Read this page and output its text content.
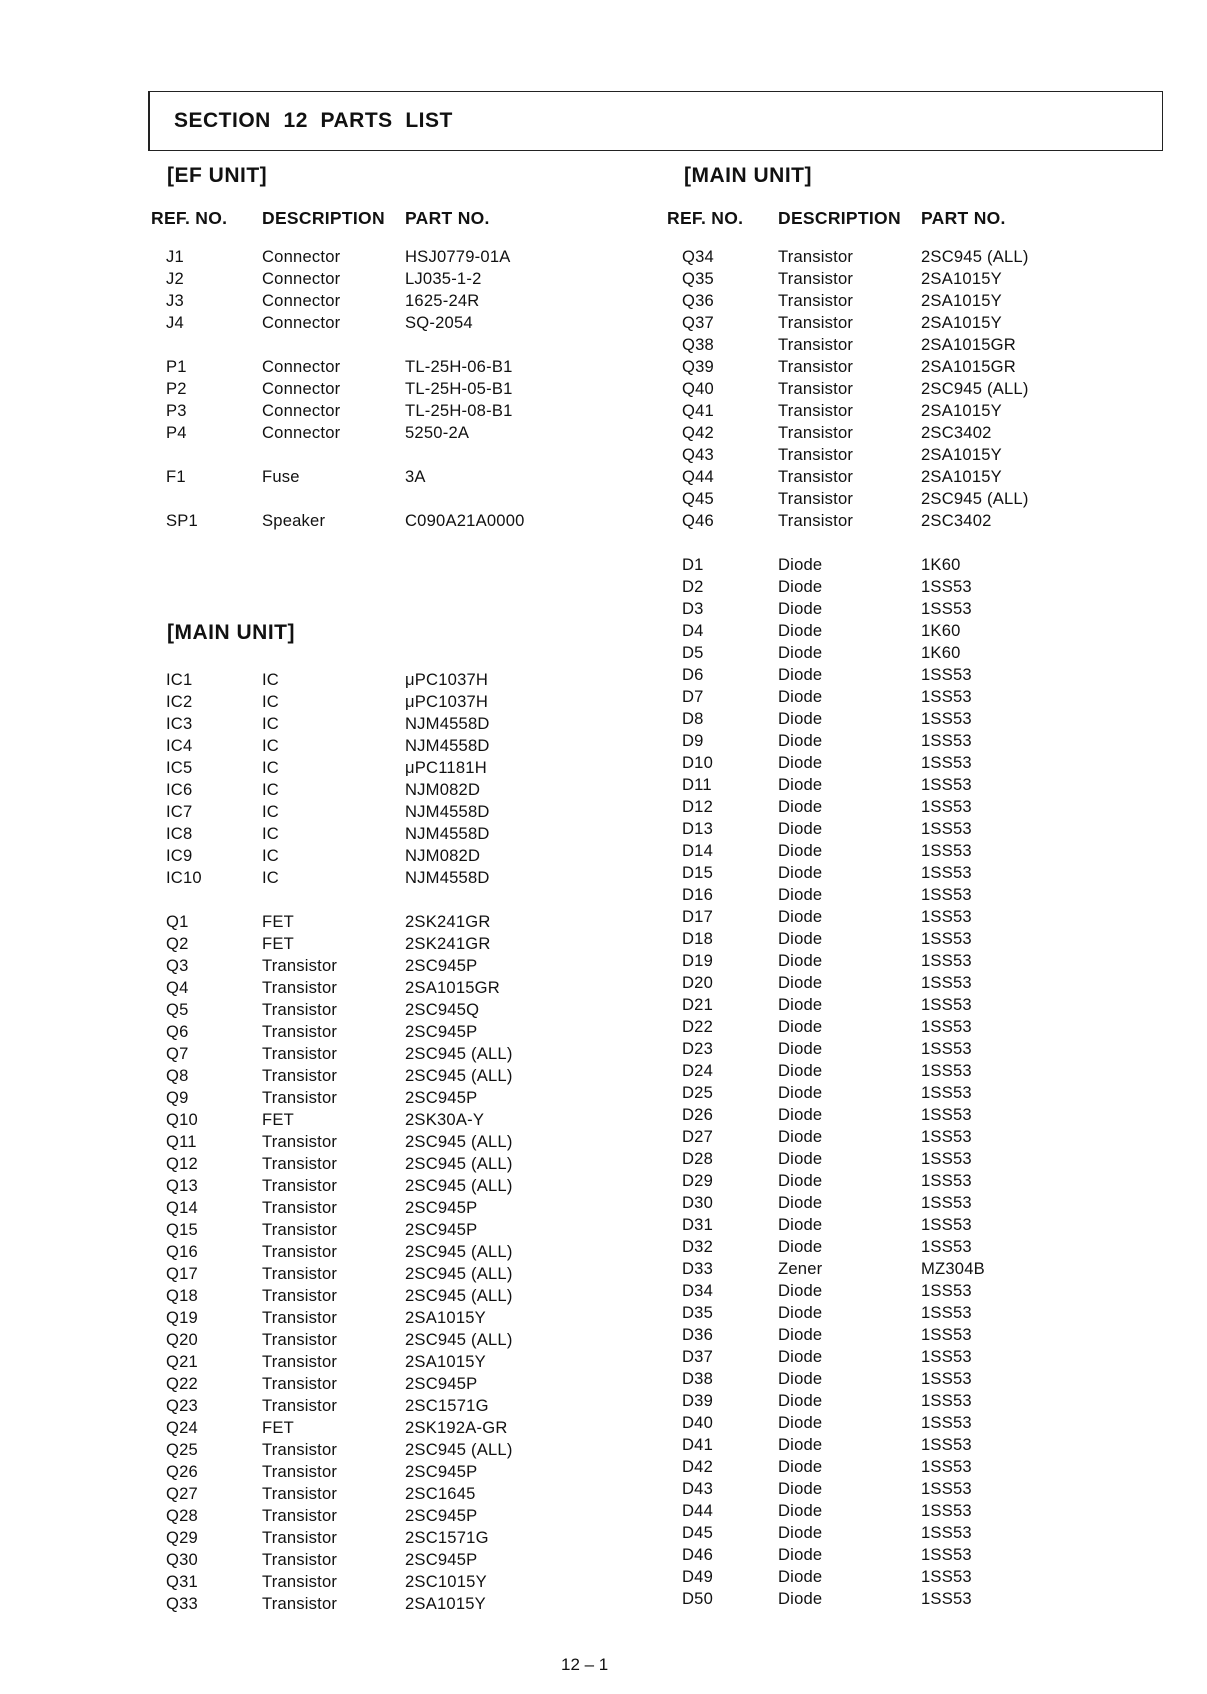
SECTION  12  PARTS  LIST
[EF UNIT]
REF. NO. DESCRIPTION PART NO.
J1	Connector	HSJ0779-01A
J2	Connector	LJ035-1-2
J3	Connector	1625-24R
J4	Connector	SQ-2054
P1	Connector	TL-25H-06-B1
P2	Connector	TL-25H-05-B1
P3	Connector	TL-25H-08-B1
P4	Connector	5250-2A
F1	Fuse	3A
SP1	Speaker	C090A21A0000
[MAIN UNIT]
IC1	IC	μPC1037H
IC2	IC	μPC1037H
IC3	IC	NJM4558D
IC4	IC	NJM4558D
IC5	IC	μPC1181H
IC6	IC	NJM082D
IC7	IC	NJM4558D
IC8	IC	NJM4558D
IC9	IC	NJM082D
IC10	IC	NJM4558D
Q1	FET	2SK241GR
Q2	FET	2SK241GR
Q3	Transistor	2SC945P
Q4	Transistor	2SA1015GR
Q5	Transistor	2SC945Q
Q6	Transistor	2SC945P
Q7	Transistor	2SC945 (ALL)
Q8	Transistor	2SC945 (ALL)
Q9	Transistor	2SC945P
Q10	FET	2SK30A-Y
Q11	Transistor	2SC945 (ALL)
Q12	Transistor	2SC945 (ALL)
Q13	Transistor	2SC945 (ALL)
Q14	Transistor	2SC945P
Q15	Transistor	2SC945P
Q16	Transistor	2SC945 (ALL)
Q17	Transistor	2SC945 (ALL)
Q18	Transistor	2SC945 (ALL)
Q19	Transistor	2SA1015Y
Q20	Transistor	2SC945 (ALL)
Q21	Transistor	2SA1015Y
Q22	Transistor	2SC945P
Q23	Transistor	2SC1571G
Q24	FET	2SK192A-GR
Q25	Transistor	2SC945 (ALL)
Q26	Transistor	2SC945P
Q27	Transistor	2SC1645
Q28	Transistor	2SC945P
Q29	Transistor	2SC1571G
Q30	Transistor	2SC945P
Q31	Transistor	2SC1015Y
Q33	Transistor	2SA1015Y
[MAIN UNIT]
REF. NO. DESCRIPTION PART NO.
Q34	Transistor	2SC945 (ALL)
Q35	Transistor	2SA1015Y
Q36	Transistor	2SA1015Y
Q37	Transistor	2SA1015Y
Q38	Transistor	2SA1015GR
Q39	Transistor	2SA1015GR
Q40	Transistor	2SC945 (ALL)
Q41	Transistor	2SA1015Y
Q42	Transistor	2SC3402
Q43	Transistor	2SA1015Y
Q44	Transistor	2SA1015Y
Q45	Transistor	2SC945 (ALL)
Q46	Transistor	2SC3402
D1	Diode	1K60
D2	Diode	1SS53
D3	Diode	1SS53
D4	Diode	1K60
D5	Diode	1K60
D6	Diode	1SS53
D7	Diode	1SS53
D8	Diode	1SS53
D9	Diode	1SS53
D10	Diode	1SS53
D11	Diode	1SS53
D12	Diode	1SS53
D13	Diode	1SS53
D14	Diode	1SS53
D15	Diode	1SS53
D16	Diode	1SS53
D17	Diode	1SS53
D18	Diode	1SS53
D19	Diode	1SS53
D20	Diode	1SS53
D21	Diode	1SS53
D22	Diode	1SS53
D23	Diode	1SS53
D24	Diode	1SS53
D25	Diode	1SS53
D26	Diode	1SS53
D27	Diode	1SS53
D28	Diode	1SS53
D29	Diode	1SS53
D30	Diode	1SS53
D31	Diode	1SS53
D32	Diode	1SS53
D33	Zener	MZ304B
D34	Diode	1SS53
D35	Diode	1SS53
D36	Diode	1SS53
D37	Diode	1SS53
D38	Diode	1SS53
D39	Diode	1SS53
D40	Diode	1SS53
D41	Diode	1SS53
D42	Diode	1SS53
D43	Diode	1SS53
D44	Diode	1SS53
D45	Diode	1SS53
D46	Diode	1SS53
D49	Diode	1SS53
D50	Diode	1SS53
12 – 1
